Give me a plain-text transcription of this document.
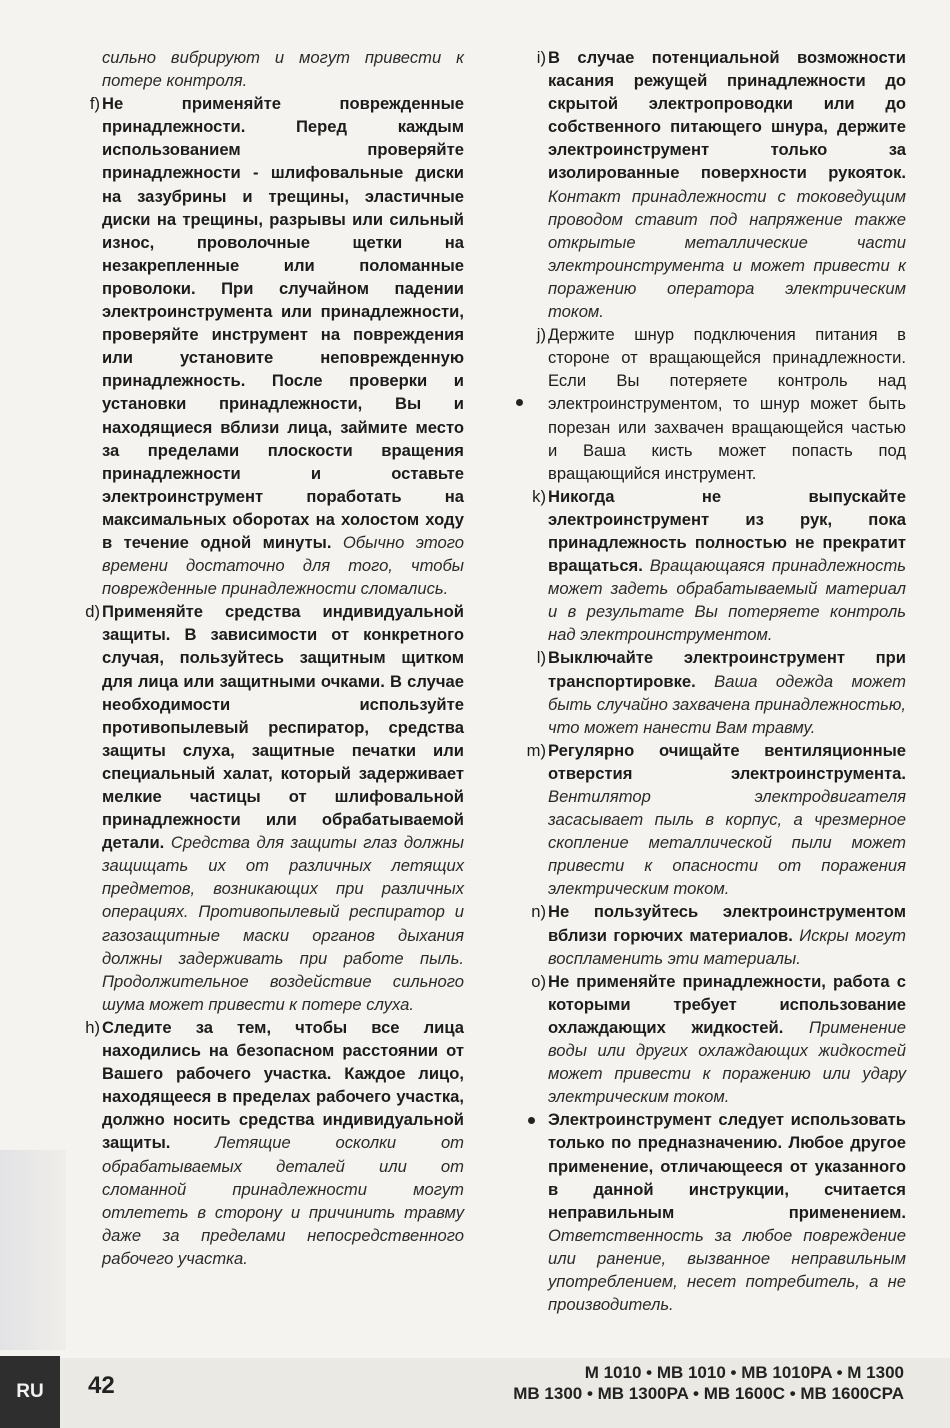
сильно вибрируют и могут привести к потере контроля.
f) Не применяйте поврежденные принадлежности. Перед каждым использованием проверяйте принадлежности - шлифовальные диски на зазубрины и трещины, эластичные диски на трещины, разрывы или сильный износ, проволочные щетки на незакрепленные или поломанные проволоки. При случайном падении электроинструмента или принадлежности, проверяйте инструмент на повреждения или установите неповрежденную принадлежность. После проверки и установки принадлежности, Вы и находящиеся вблизи лица, займите место за пределами плоскости вращения принадлежности и оставьте электроинструмент поработать на максимальных оборотах на холостом ходу в течение одной минуты. Обычно этого времени достаточно для того, чтобы поврежденные принадлежности сломались.
d) Применяйте средства индивидуальной защиты. В зависимости от конкретного случая, пользуйтесь защитным щитком для лица или защитными очками. В случае необходимости используйте противопылевый респиратор, средства защиты слуха, защитные печатки или специальный халат, который задерживает мелкие частицы от шлифовальной принадлежности или обрабатываемой детали. Средства для защиты глаз должны защищать их от различных летящих предметов, возникающих при различных операциях. Противопылевый респиратор и газозащитные маски органов дыхания должны задерживать при работе пыль. Продолжительное воздействие сильного шума может привести к потере слуха.
h) Следите за тем, чтобы все лица находились на безопасном расстоянии от Вашего рабочего участка. Каждое лицо, находящееся в пределах рабочего участка, должно носить средства индивидуальной защиты. Летящие осколки от обрабатываемых деталей или от сломанной принадлежности могут отлететь в сторону и причинить травму даже за пределами непосредственного рабочего участка.
i) В случае потенциальной возможности касания режущей принадлежности до скрытой электропроводки или до собственного питающего шнура, держите электроинструмент только за изолированные поверхности рукояток. Контакт принадлежности с токоведущим проводом ставит под напряжение также открытые металлические части электроинструмента и может привести к поражению оператора электрическим током.
j) Держите шнур подключения питания в стороне от вращающейся принадлежности. Если Вы потеряете контроль над электроинструментом, то шнур может быть порезан или захвачен вращающейся частью и Ваша кисть может попасть под вращающийся инструмент.
k) Никогда не выпускайте электроинструмент из рук, пока принадлежность полностью не прекратит вращаться. Вращающаяся принадлежность может задеть обрабатываемый материал и в результате Вы потеряете контроль над электроинструментом.
l) Выключайте электроинструмент при транспортировке. Ваша одежда может быть случайно захвачена принадлежностью, что может нанести Вам травму.
m) Регулярно очищайте вентиляционные отверстия электроинструмента. Вентилятор электродвигателя засасывает пыль в корпус, а чрезмерное скопление металлической пыли может привести к опасности от поражения электрическим током.
n) Не пользуйтесь электроинструментом вблизи горючих материалов. Искры могут воспламенить эти материалы.
o) Не применяйте принадлежности, работа с которыми требует использование охлаждающих жидкостей. Применение воды или других охлаждающих жидкостей может привести к поражению или удару электрическим током.
Электроинструмент следует использовать только по предназначению. Любое другое применение, отличающееся от указанного в данной инструкции, считается неправильным применением. Ответственность за любое повреждение или ранение, вызванное неправильным употреблением, несет потребитель, а не производитель.
RU	42	M 1010 • MB 1010 • MB 1010PA • M 1300
MB 1300 • MB 1300PA • MB 1600C • MB 1600CPA
